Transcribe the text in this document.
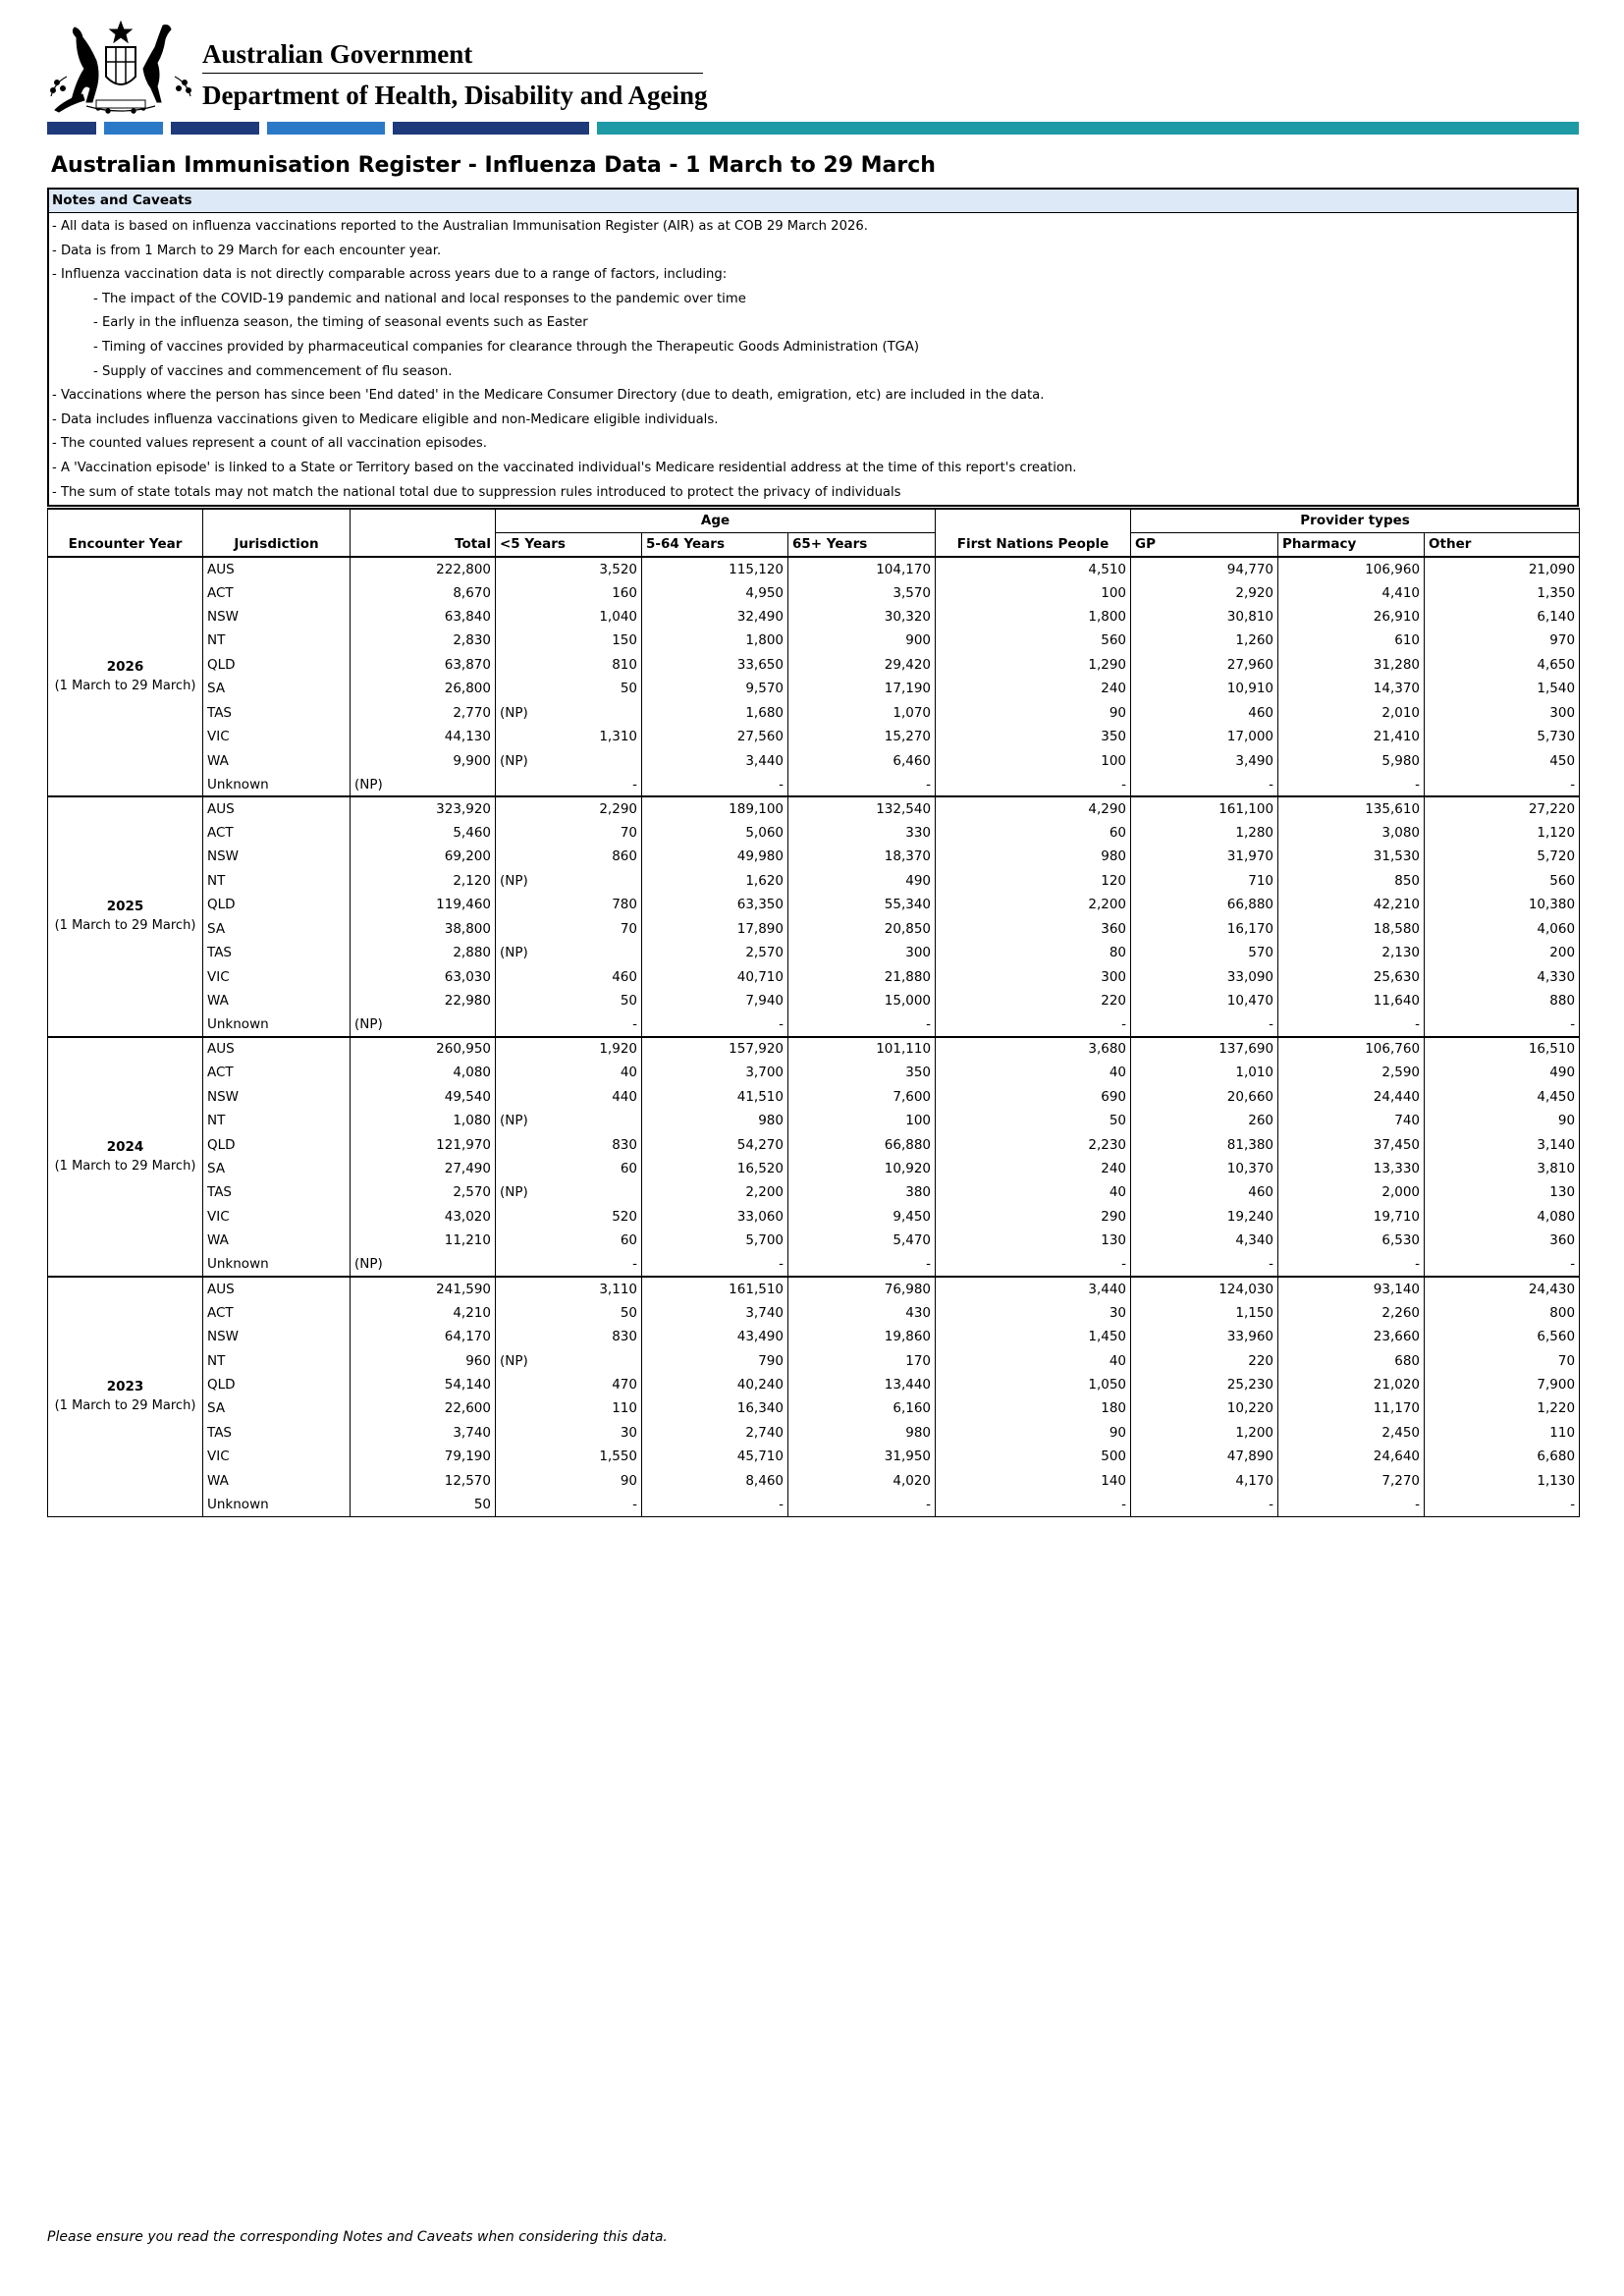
Australian Government
Department of Health, Disability and Ageing
Australian Immunisation Register - Influenza Data - 1 March to 29 March
Notes and Caveats
- All data is based on influenza vaccinations reported to the Australian Immunisation Register (AIR) as at COB 29 March 2026.
- Data is from 1 March to 29 March for each encounter year.
- Influenza vaccination data is not directly comparable across years due to a range of factors, including:
- The impact of the COVID-19 pandemic and national and local responses to the pandemic over time
- Early in the influenza season, the timing of seasonal events such as Easter
- Timing of vaccines provided by pharmaceutical companies for clearance through the Therapeutic Goods Administration (TGA)
- Supply of vaccines and commencement of flu season.
- Vaccinations where the person has since been 'End dated' in the Medicare Consumer Directory (due to death, emigration, etc) are included in the data.
- Data includes influenza vaccinations given to Medicare eligible and non-Medicare eligible individuals.
- The counted values represent a count of all vaccination episodes.
- A 'Vaccination episode' is linked to a State or Territory based on the vaccinated individual's Medicare residential address at the time of this report's creation.
- The sum of state totals may not match the national total due to suppression rules introduced to protect the privacy of individuals
			Age				Provider types		
Encounter Year	Jurisdiction	Total	<5 Years	5-64 Years	65+ Years	First Nations People	GP	Pharmacy	Other

2026
(1 March to 29 March)	AUS	222,800	3,520	115,120	104,170	4,510	94,770	106,960	21,090
	ACT	8,670	160	4,950	3,570	100	2,920	4,410	1,350
	NSW	63,840	1,040	32,490	30,320	1,800	30,810	26,910	6,140
	NT	2,830	150	1,800	900	560	1,260	610	970
	QLD	63,870	810	33,650	29,420	1,290	27,960	31,280	4,650
	SA	26,800	50	9,570	17,190	240	10,910	14,370	1,540
	TAS	2,770	(NP)	1,680	1,070	90	460	2,010	300
	VIC	44,130	1,310	27,560	15,270	350	17,000	21,410	5,730
	WA	9,900	(NP)	3,440	6,460	100	3,490	5,980	450
	Unknown	(NP)	-	-	-	-	-	-	-

2025
(1 March to 29 March)	AUS	323,920	2,290	189,100	132,540	4,290	161,100	135,610	27,220
	ACT	5,460	70	5,060	330	60	1,280	3,080	1,120
	NSW	69,200	860	49,980	18,370	980	31,970	31,530	5,720
	NT	2,120	(NP)	1,620	490	120	710	850	560
	QLD	119,460	780	63,350	55,340	2,200	66,880	42,210	10,380
	SA	38,800	70	17,890	20,850	360	16,170	18,580	4,060
	TAS	2,880	(NP)	2,570	300	80	570	2,130	200
	VIC	63,030	460	40,710	21,880	300	33,090	25,630	4,330
	WA	22,980	50	7,940	15,000	220	10,470	11,640	880
	Unknown	(NP)	-	-	-	-	-	-	-

2024
(1 March to 29 March)	AUS	260,950	1,920	157,920	101,110	3,680	137,690	106,760	16,510
	ACT	4,080	40	3,700	350	40	1,010	2,590	490
	NSW	49,540	440	41,510	7,600	690	20,660	24,440	4,450
	NT	1,080	(NP)	980	100	50	260	740	90
	QLD	121,970	830	54,270	66,880	2,230	81,380	37,450	3,140
	SA	27,490	60	16,520	10,920	240	10,370	13,330	3,810
	TAS	2,570	(NP)	2,200	380	40	460	2,000	130
	VIC	43,020	520	33,060	9,450	290	19,240	19,710	4,080
	WA	11,210	60	5,700	5,470	130	4,340	6,530	360
	Unknown	(NP)	-	-	-	-	-	-	-

2023
(1 March to 29 March)	AUS	241,590	3,110	161,510	76,980	3,440	124,030	93,140	24,430
	ACT	4,210	50	3,740	430	30	1,150	2,260	800
	NSW	64,170	830	43,490	19,860	1,450	33,960	23,660	6,560
	NT	960	(NP)	790	170	40	220	680	70
	QLD	54,140	470	40,240	13,440	1,050	25,230	21,020	7,900
	SA	22,600	110	16,340	6,160	180	10,220	11,170	1,220
	TAS	3,740	30	2,740	980	90	1,200	2,450	110
	VIC	79,190	1,550	45,710	31,950	500	47,890	24,640	6,680
	WA	12,570	90	8,460	4,020	140	4,170	7,270	1,130
	Unknown	50	-	-	-	-	-	-	-
Please ensure you read the corresponding Notes and Caveats when considering this data.
